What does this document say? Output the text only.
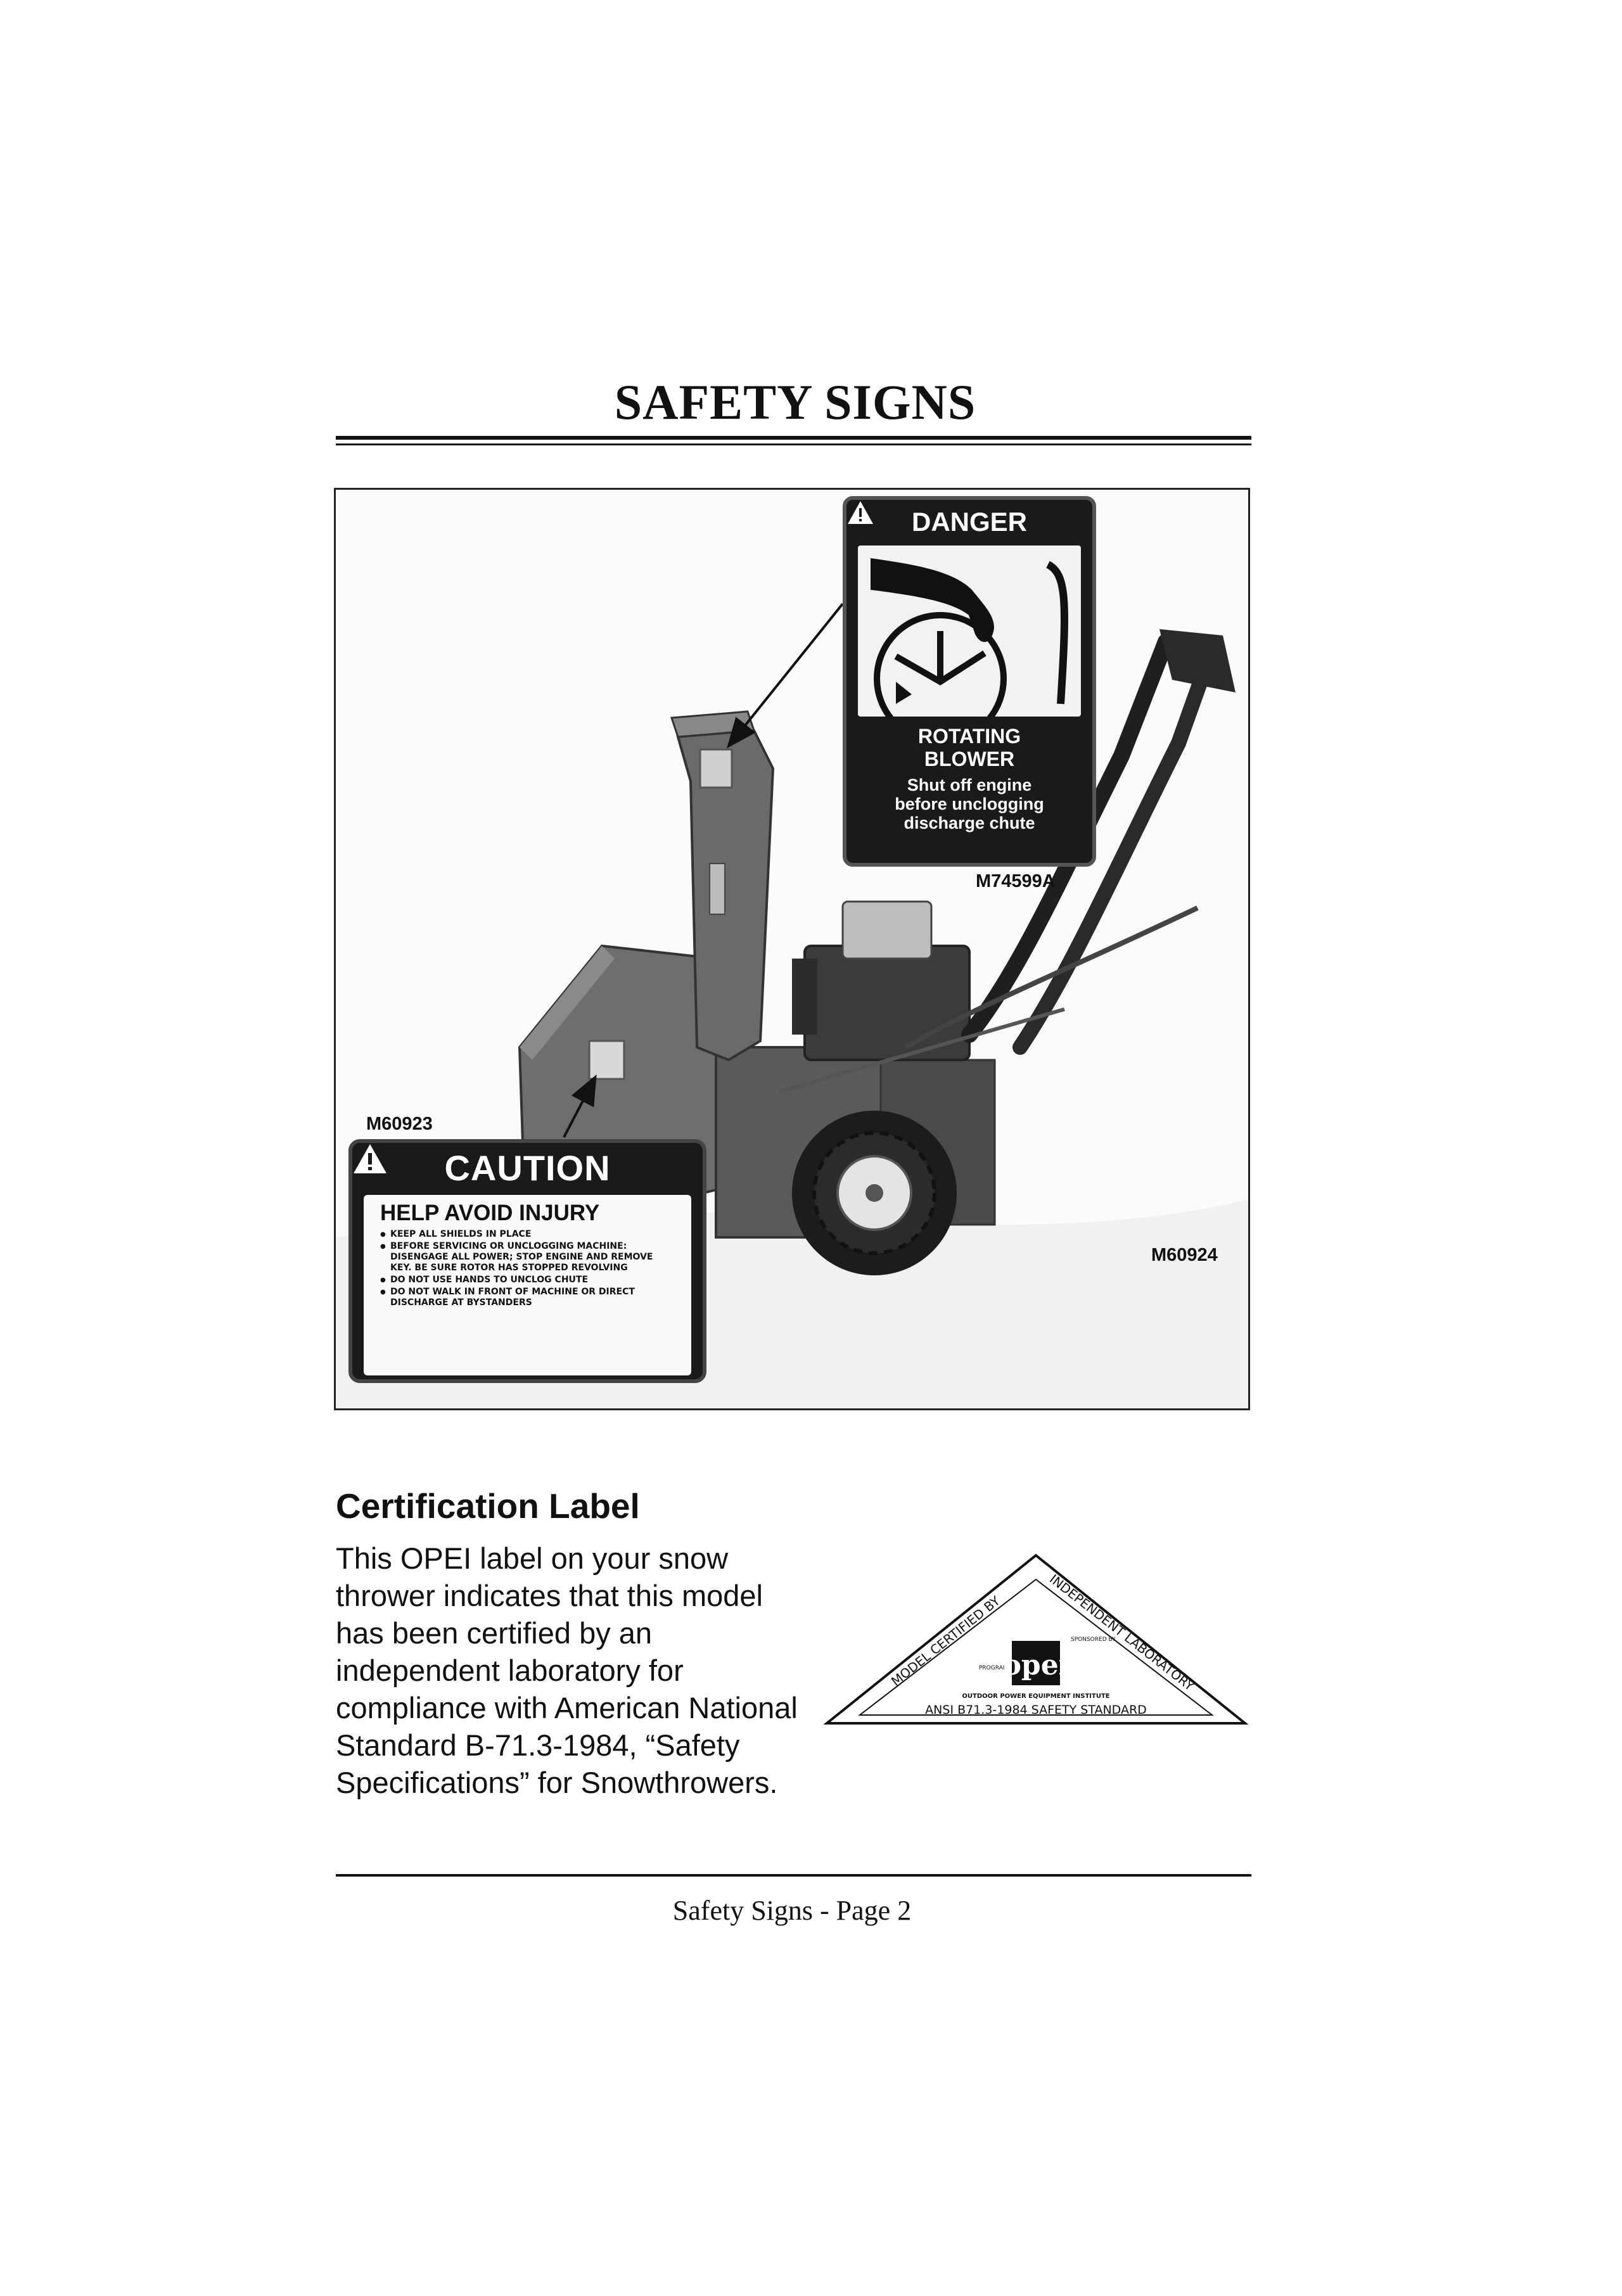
SAFETY SIGNS
DANGER
ROTATING
BLOWER
Shut off engine
before unclogging
discharge chute
M74599A
M60923
CAUTION
HELP AVOID INJURY
● KEEP ALL SHIELDS IN PLACE
● BEFORE SERVICING OR UNCLOGGING MACHINE: DISENGAGE ALL POWER; STOP ENGINE AND REMOVE KEY. BE SURE ROTOR HAS STOPPED REVOLVING
● DO NOT USE HANDS TO UNCLOG CHUTE
● DO NOT WALK IN FRONT OF MACHINE OR DIRECT DISCHARGE AT BYSTANDERS
M60924
Certification Label
This OPEI label on your snow thrower indicates that this model has been certified by an independent laboratory for compliance with American National Standard B-71.3-1984, “Safety Specifications” for Snowthrowers.
MODEL CERTIFIED BY
INDEPENDENT LABORATORY
PROGRAM
SPONSORED BY
opei
OUTDOOR POWER EQUIPMENT INSTITUTE
ANSI B71.3-1984 SAFETY STANDARD
Safety Signs - Page 2
